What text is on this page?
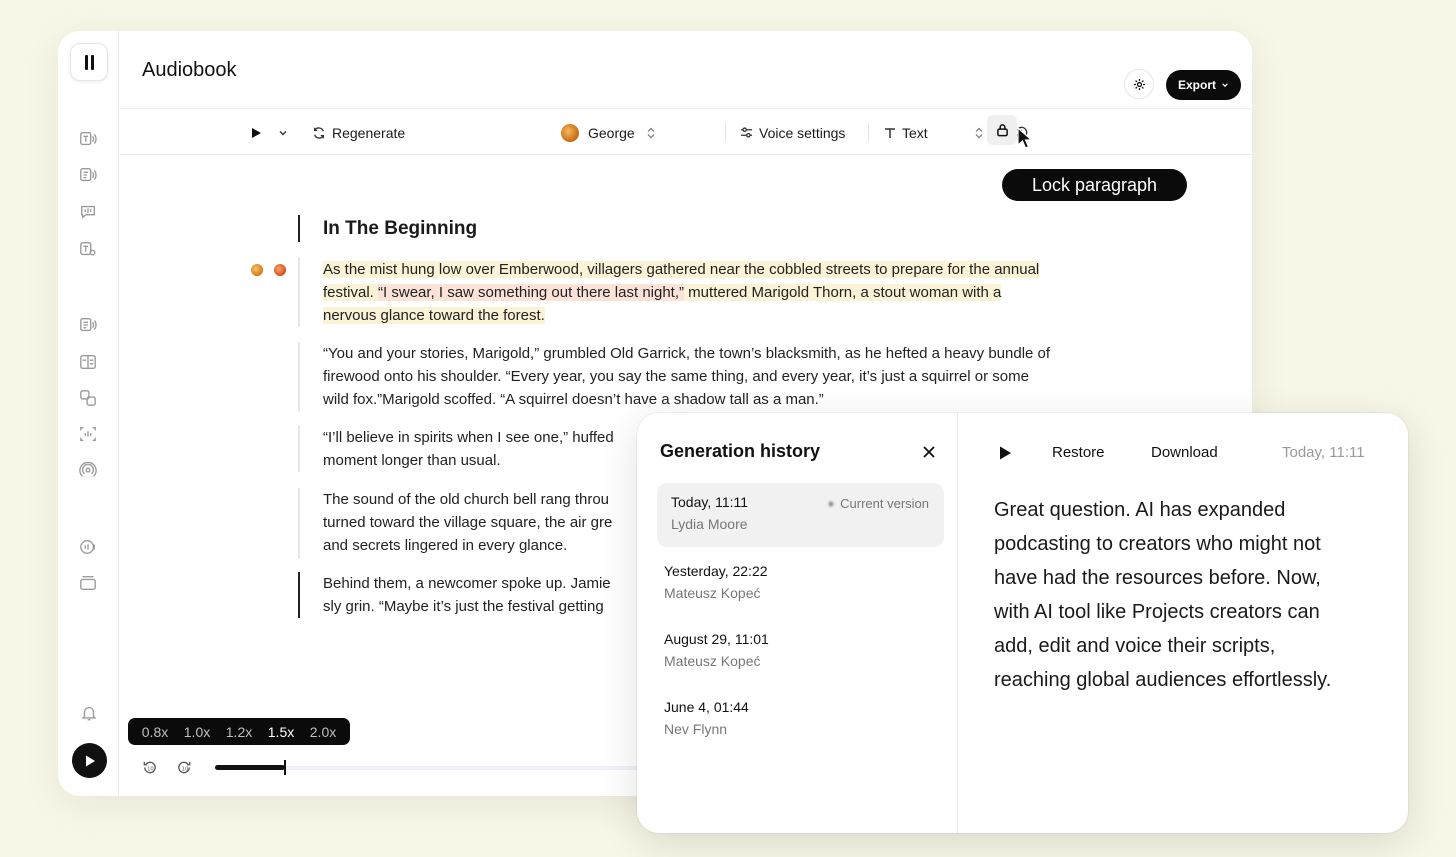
Audiobook
Export
Regenerate	George	Voice settings	Text
Lock paragraph
In The Beginning
As the mist hung low over Emberwood, villagers gathered near the cobbled streets to prepare for the annual festival. “I swear, I saw something out there last night,” muttered Marigold Thorn, a stout woman with a nervous glance toward the forest.
“You and your stories, Marigold,” grumbled Old Garrick, the town’s blacksmith, as he hefted a heavy bundle of firewood onto his shoulder. “Every year, you say the same thing, and every year, it’s just a squirrel or some wild fox.”Marigold scoffed. “A squirrel doesn’t have a shadow tall as a man.”
“I’ll believe in spirits when I see one,” huffed
moment longer than usual.
The sound of the old church bell rang throu
turned toward the village square, the air gre
and secrets lingered in every glance.
Behind them, a newcomer spoke up. Jamie
sly grin. “Maybe it’s just the festival getting
0.8x 1.0x 1.2x 1.5x 2.0x
10	10
Generation history
Today, 11:11
Lydia Moore
Current version
Yesterday, 22:22
Mateusz Kopeć
August 29, 11:01
Mateusz Kopeć
June 4, 01:44
Nev Flynn
Restore	Download	Today, 11:11
Great question. AI has expanded podcasting to creators who might not have had the resources before. Now, with AI tool like Projects creators can add, edit and voice their scripts, reaching global audiences effortlessly.
